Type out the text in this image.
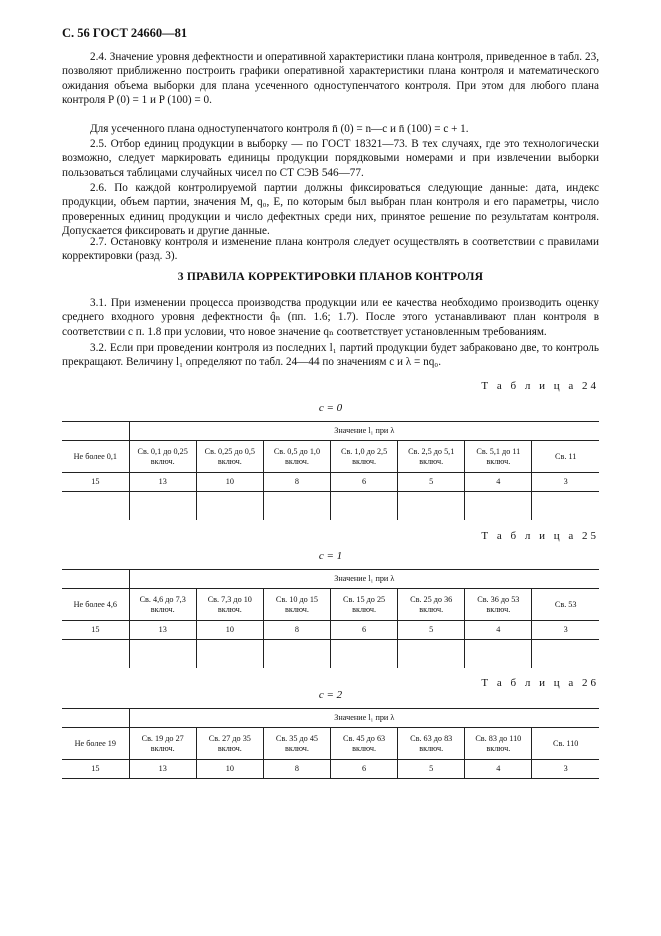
С. 56 ГОСТ 24660—81

2.4. Значение уровня дефектности и оперативной характеристики плана контроля, приведенное в табл. 23, позволяют приближенно построить графики оперативной характеристики плана контроля и математического ожидания объема выборки для плана усеченного одноступенчатого контроля. При этом для любого плана контроля P (0) = 1 и P (100) = 0.

Для усеченного плана одноступенчатого контроля n̄ (0) = n—c и n̄ (100) = c + 1.

2.5. Отбор единиц продукции в выборку — по ГОСТ 18321—73. В тех случаях, где это технологически возможно, следует маркировать единицы продукции порядковыми номерами и при извлечении выборки пользоваться таблицами случайных чисел по СТ СЭВ 546—77.

2.6. По каждой контролируемой партии должны фиксироваться следующие данные: дата, индекс продукции, объем партии, значения M, q₀, E, по которым был выбран план контроля и его параметры, число проверенных единиц продукции и число дефектных среди них, принятое решение по результатам контроля. Допускается фиксировать и другие данные.

2.7. Остановку контроля и изменение плана контроля следует осуществлять в соответствии с правилами корректировки (разд. 3).

3 ПРАВИЛА КОРРЕКТИРОВКИ ПЛАНОВ КОНТРОЛЯ

3.1. При изменении процесса производства продукции или ее качества необходимо производить оценку среднего входного уровня дефектности q̂ₙ (пп. 1.6; 1.7). После этого устанавливают план контроля в соответствии с п. 1.8 при условии, что новое значение qₙ соответствует установленным требованиям.

3.2. Если при проведении контроля из последних l₁ партий продукции будет забраковано две, то контроль прекращают. Величину l₁ определяют по табл. 24—44 по значениям c и λ = nq₀.

Т а б л и ц а 24
c = 0
	Значение l₁ при λ						
Не более 0,1	Св. 0,1 до 0,25 включ.	Св. 0,25 до 0,5 включ.	Св. 0,5 до 1,0 включ.	Св. 1,0 до 2,5 включ.	Св. 2,5 до 5,1 включ.	Св. 5,1 до 11 включ.	Св. 11
15	13	10	8	6	5	4	3

Т а б л и ц а 25
c = 1
	Значение l₁ при λ						
Не более 4,6	Св. 4,6 до 7,3 включ.	Св. 7,3 до 10 включ.	Св. 10 до 15 включ.	Св. 15 до 25 включ.	Св. 25 до 36 включ.	Св. 36 до 53 включ.	Св. 53
15	13	10	8	6	5	4	3

Т а б л и ц а 26
c = 2
	Значение l₁ при λ						
Не более 19	Св. 19 до 27 включ.	Св. 27 до 35 включ.	Св. 35 до 45 включ.	Св. 45 до 63 включ.	Св. 63 до 83 включ.	Св. 83 до 110 включ.	Св. 110
15	13	10	8	6	5	4	3
